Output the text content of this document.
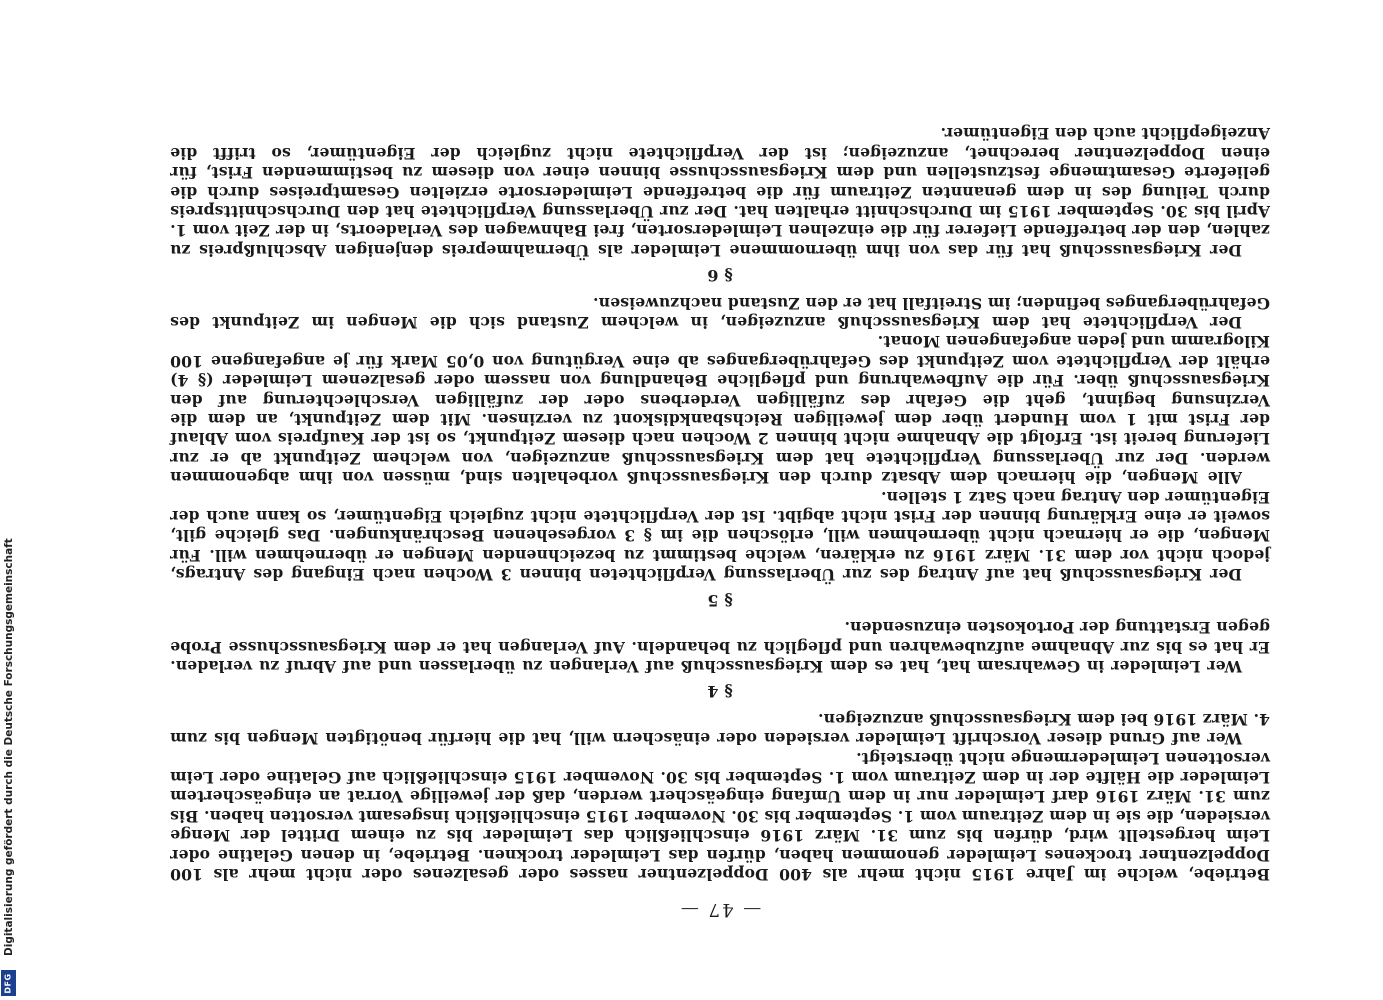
Digitalisierung gefördert durch die Deutsche Forschungsgemeinschaft
DFG
— 47 —

Betriebe, welche im Jahre 1915 nicht mehr als 400 Doppelzentner nasses oder gesalzenes oder nicht mehr als 100 Doppelzentner trockenes Leimleder genommen haben, dürfen das Leimleder trocknen. Betriebe, in denen Gelatine oder Leim hergestellt wird, dürfen bis zum 31. März 1916 einschließlich das Leimleder bis zu einem Drittel der Menge versieden, die sie in dem Zeitraum vom 1. September bis 30. November 1915 einschließlich insgesamt versotten haben. Bis zum 31. März 1916 darf Leimleder nur in dem Umfang eingeäschert werden, daß der jeweilige Vorrat an eingeäschertem Leimleder die Hälfte der in dem Zeitraum vom 1. September bis 30. November 1915 einschließlich auf Gelatine oder Leim versottenen Leimledermenge nicht übersteigt.

Wer auf Grund dieser Vorschrift Leimleder versieden oder einäschern will, hat die hierfür benötigten Mengen bis zum 4. März 1916 bei dem Kriegsausschuß anzuzeigen.

§ 4

Wer Leimleder in Gewahrsam hat, hat es dem Kriegsausschuß auf Verlangen zu überlassen und auf Abruf zu verladen. Er hat es bis zur Abnahme aufzubewahren und pfleglich zu behandeln. Auf Verlangen hat er dem Kriegsausschusse Probe gegen Erstattung der Portokosten einzusenden.

§ 5

Der Kriegsausschuß hat auf Antrag des zur Überlassung Verpflichteten binnen 3 Wochen nach Eingang des Antrags, jedoch nicht vor dem 31. März 1916 zu erklären, welche bestimmt zu bezeichnenden Mengen er übernehmen will. Für Mengen, die er hiernach nicht übernehmen will, erlöschen die im § 3 vorgesehenen Beschränkungen. Das gleiche gilt, soweit er eine Erklärung binnen der Frist nicht abgibt. Ist der Verpflichtete nicht zugleich Eigentümer, so kann auch der Eigentümer den Antrag nach Satz 1 stellen.

Alle Mengen, die hiernach dem Absatz durch den Kriegsausschuß vorbehalten sind, müssen von ihm abgenommen werden. Der zur Überlassung Verpflichtete hat dem Kriegsausschuß anzuzeigen, von welchem Zeitpunkt ab er zur Lieferung bereit ist. Erfolgt die Abnahme nicht binnen 2 Wochen nach diesem Zeitpunkt, so ist der Kaufpreis vom Ablauf der Frist mit 1 vom Hundert über dem jeweiligen Reichsbankdiskont zu verzinsen. Mit dem Zeitpunkt, an dem die Verzinsung beginnt, geht die Gefahr des zufälligen Verderbens oder der zufälligen Verschlechterung auf den Kriegsausschuß über. Für die Aufbewahrung und pflegliche Behandlung von nassem oder gesalzenem Leimleder (§ 4) erhält der Verpflichtete vom Zeitpunkt des Gefahrüberganges ab eine Vergütung von 0,05 Mark für je angefangene 100 Kilogramm und jeden angefangenen Monat.

Der Verpflichtete hat dem Kriegsausschuß anzuzeigen, in welchem Zustand sich die Mengen im Zeitpunkt des Gefahrüberganges befinden; im Streitfall hat er den Zustand nachzuweisen.

§ 6

Der Kriegsausschuß hat für das von ihm übernommene Leimleder als Übernahmepreis denjenigen Abschlußpreis zu zahlen, den der betreffende Lieferer für die einzelnen Leimledersorten, frei Bahnwagen des Verladeorts, in der Zeit vom 1. April bis 30. September 1915 im Durchschnitt erhalten hat. Der zur Überlassung Verpflichtete hat den Durchschnittspreis durch Teilung des in dem genannten Zeitraum für die betreffende Leimledersorte erzielten Gesamtpreises durch die gelieferte Gesamtmenge festzustellen und dem Kriegsausschusse binnen einer von diesem zu bestimmenden Frist, für einen Doppelzentner berechnet, anzuzeigen; ist der Verpflichtete nicht zugleich der Eigentümer, so trifft die Anzeigepflicht auch den Eigentümer.
